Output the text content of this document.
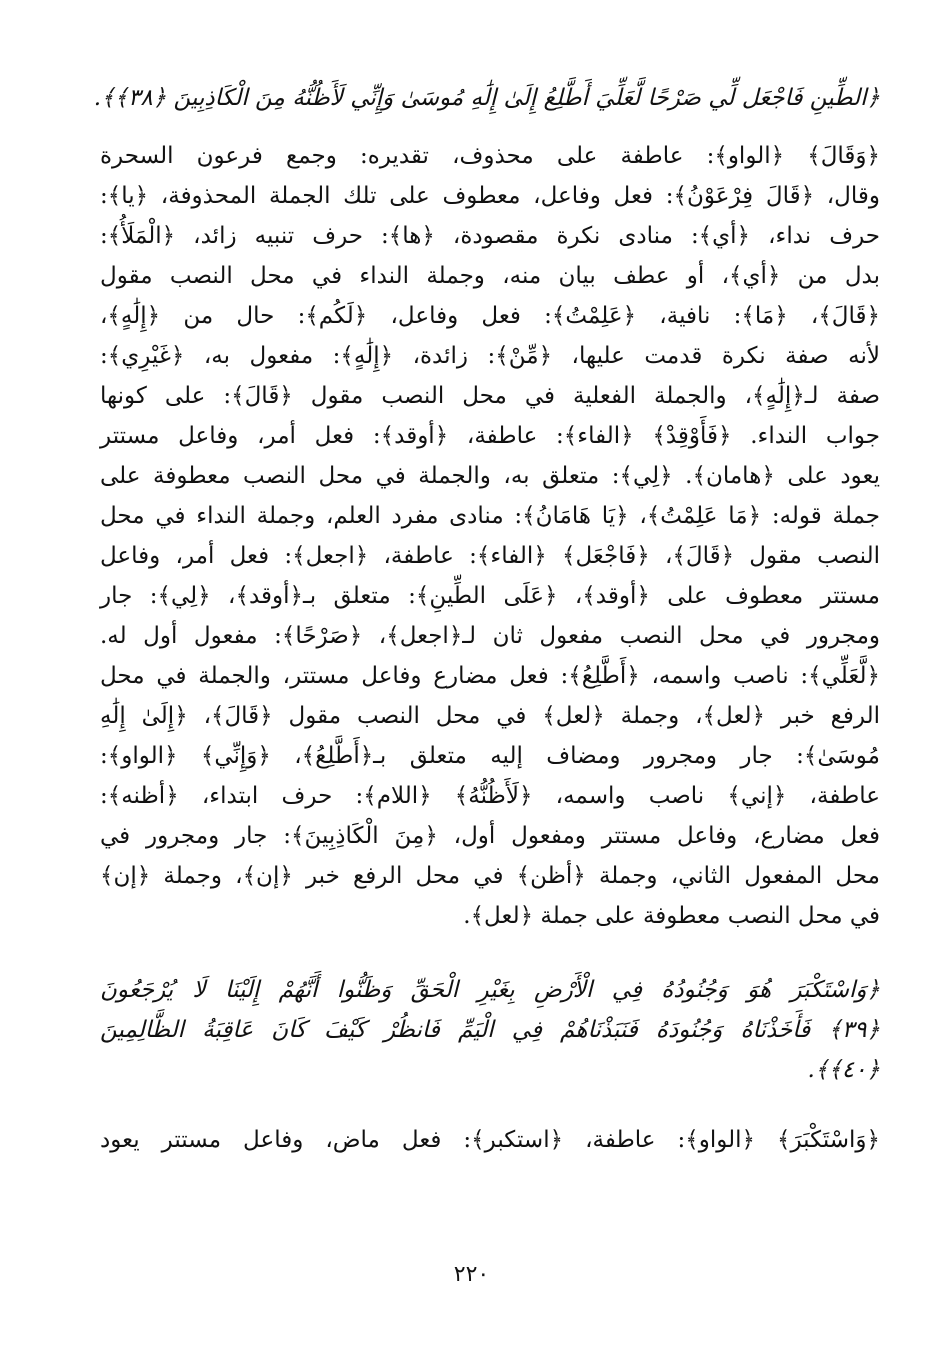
﴿الطِّينِ فَاجْعَل لِّي صَرْحًا لَّعَلِّيَ أَطَّلِعُ إِلَىٰ إِلَٰهِ مُوسَىٰ وَإِنِّي لَأَظُنُّهُ مِنَ الْكَاذِبِينَ ﴿٣٨﴾﴾.
﴿وَقَالَ﴾ ﴿الواو﴾: عاطفة على محذوف، تقديره: وجمع فرعون السحرة
وقال، ﴿قَالَ فِرْعَوْنُ﴾: فعل وفاعل، معطوف على تلك الجملة المحذوفة، ﴿يا﴾:
حرف نداء، ﴿أي﴾: منادى نكرة مقصودة، ﴿ها﴾: حرف تنبيه زائد، ﴿الْمَلَأُ﴾:
بدل من ﴿أي﴾، أو عطف بيان منه، وجملة النداء في محل النصب مقول
﴿قَالَ﴾، ﴿مَا﴾: نافية، ﴿عَلِمْتُ﴾: فعل وفاعل، ﴿لَكُم﴾: حال من ﴿إِلَٰهٍ﴾،
لأنه صفة نكرة قدمت عليها، ﴿مِّنْ﴾: زائدة، ﴿إِلَٰهٍ﴾: مفعول به، ﴿غَيْرِي﴾:
صفة لـ﴿إِلَٰهٍ﴾، والجملة الفعلية في محل النصب مقول ﴿قَالَ﴾: على كونها
جواب النداء. ﴿فَأَوْقِدْ﴾ ﴿الفاء﴾: عاطفة، ﴿أوقد﴾: فعل أمر، وفاعل مستتر
يعود على ﴿هامان﴾. ﴿لِي﴾: متعلق به، والجملة في محل النصب معطوفة على
جملة قوله: ﴿مَا عَلِمْتُ﴾، ﴿يَا هَامَانُ﴾: منادى مفرد العلم، وجملة النداء في محل
النصب مقول ﴿قَالَ﴾، ﴿فَاجْعَل﴾ ﴿الفاء﴾: عاطفة، ﴿اجعل﴾: فعل أمر، وفاعل
مستتر معطوف على ﴿أوقد﴾، ﴿عَلَى الطِّينِ﴾: متعلق بـ﴿أوقد﴾، ﴿لِي﴾: جار
ومجرور في محل النصب مفعول ثان لـ﴿اجعل﴾، ﴿صَرْحًا﴾: مفعول أول له.
﴿لَّعَلِّي﴾: ناصب واسمه، ﴿أَطَّلِعُ﴾: فعل مضارع وفاعل مستتر، والجملة في محل
الرفع خبر ﴿لعل﴾، وجملة ﴿لعل﴾ في محل النصب مقول ﴿قَالَ﴾، ﴿إِلَىٰ إِلَٰهِ
مُوسَىٰ﴾: جار ومجرور ومضاف إليه متعلق بـ﴿أَطَّلِعُ﴾، ﴿وَإِنِّي﴾ ﴿الواو﴾:
عاطفة، ﴿إني﴾ ناصب واسمه، ﴿لَأَظُنُّهُ﴾ ﴿اللام﴾: حرف ابتداء، ﴿أظنه﴾:
فعل مضارع، وفاعل مستتر ومفعول أول، ﴿مِنَ الْكَاذِبِينَ﴾: جار ومجرور في
محل المفعول الثاني، وجملة ﴿أظن﴾ في محل الرفع خبر ﴿إن﴾، وجملة ﴿إن﴾
في محل النصب معطوفة على جملة ﴿لعل﴾.
﴿وَاسْتَكْبَرَ هُوَ وَجُنُودُهُ فِي الْأَرْضِ بِغَيْرِ الْحَقِّ وَظَنُّوا أَنَّهُمْ إِلَيْنَا لَا يُرْجَعُونَ
﴿٣٩﴾ فَأَخَذْنَاهُ وَجُنُودَهُ فَنَبَذْنَاهُمْ فِي الْيَمِّ فَانظُرْ كَيْفَ كَانَ عَاقِبَةُ الظَّالِمِينَ
﴿٤٠﴾﴾.
﴿وَاسْتَكْبَرَ﴾ ﴿الواو﴾: عاطفة، ﴿استكبر﴾: فعل ماض، وفاعل مستتر يعود
٢٢٠
